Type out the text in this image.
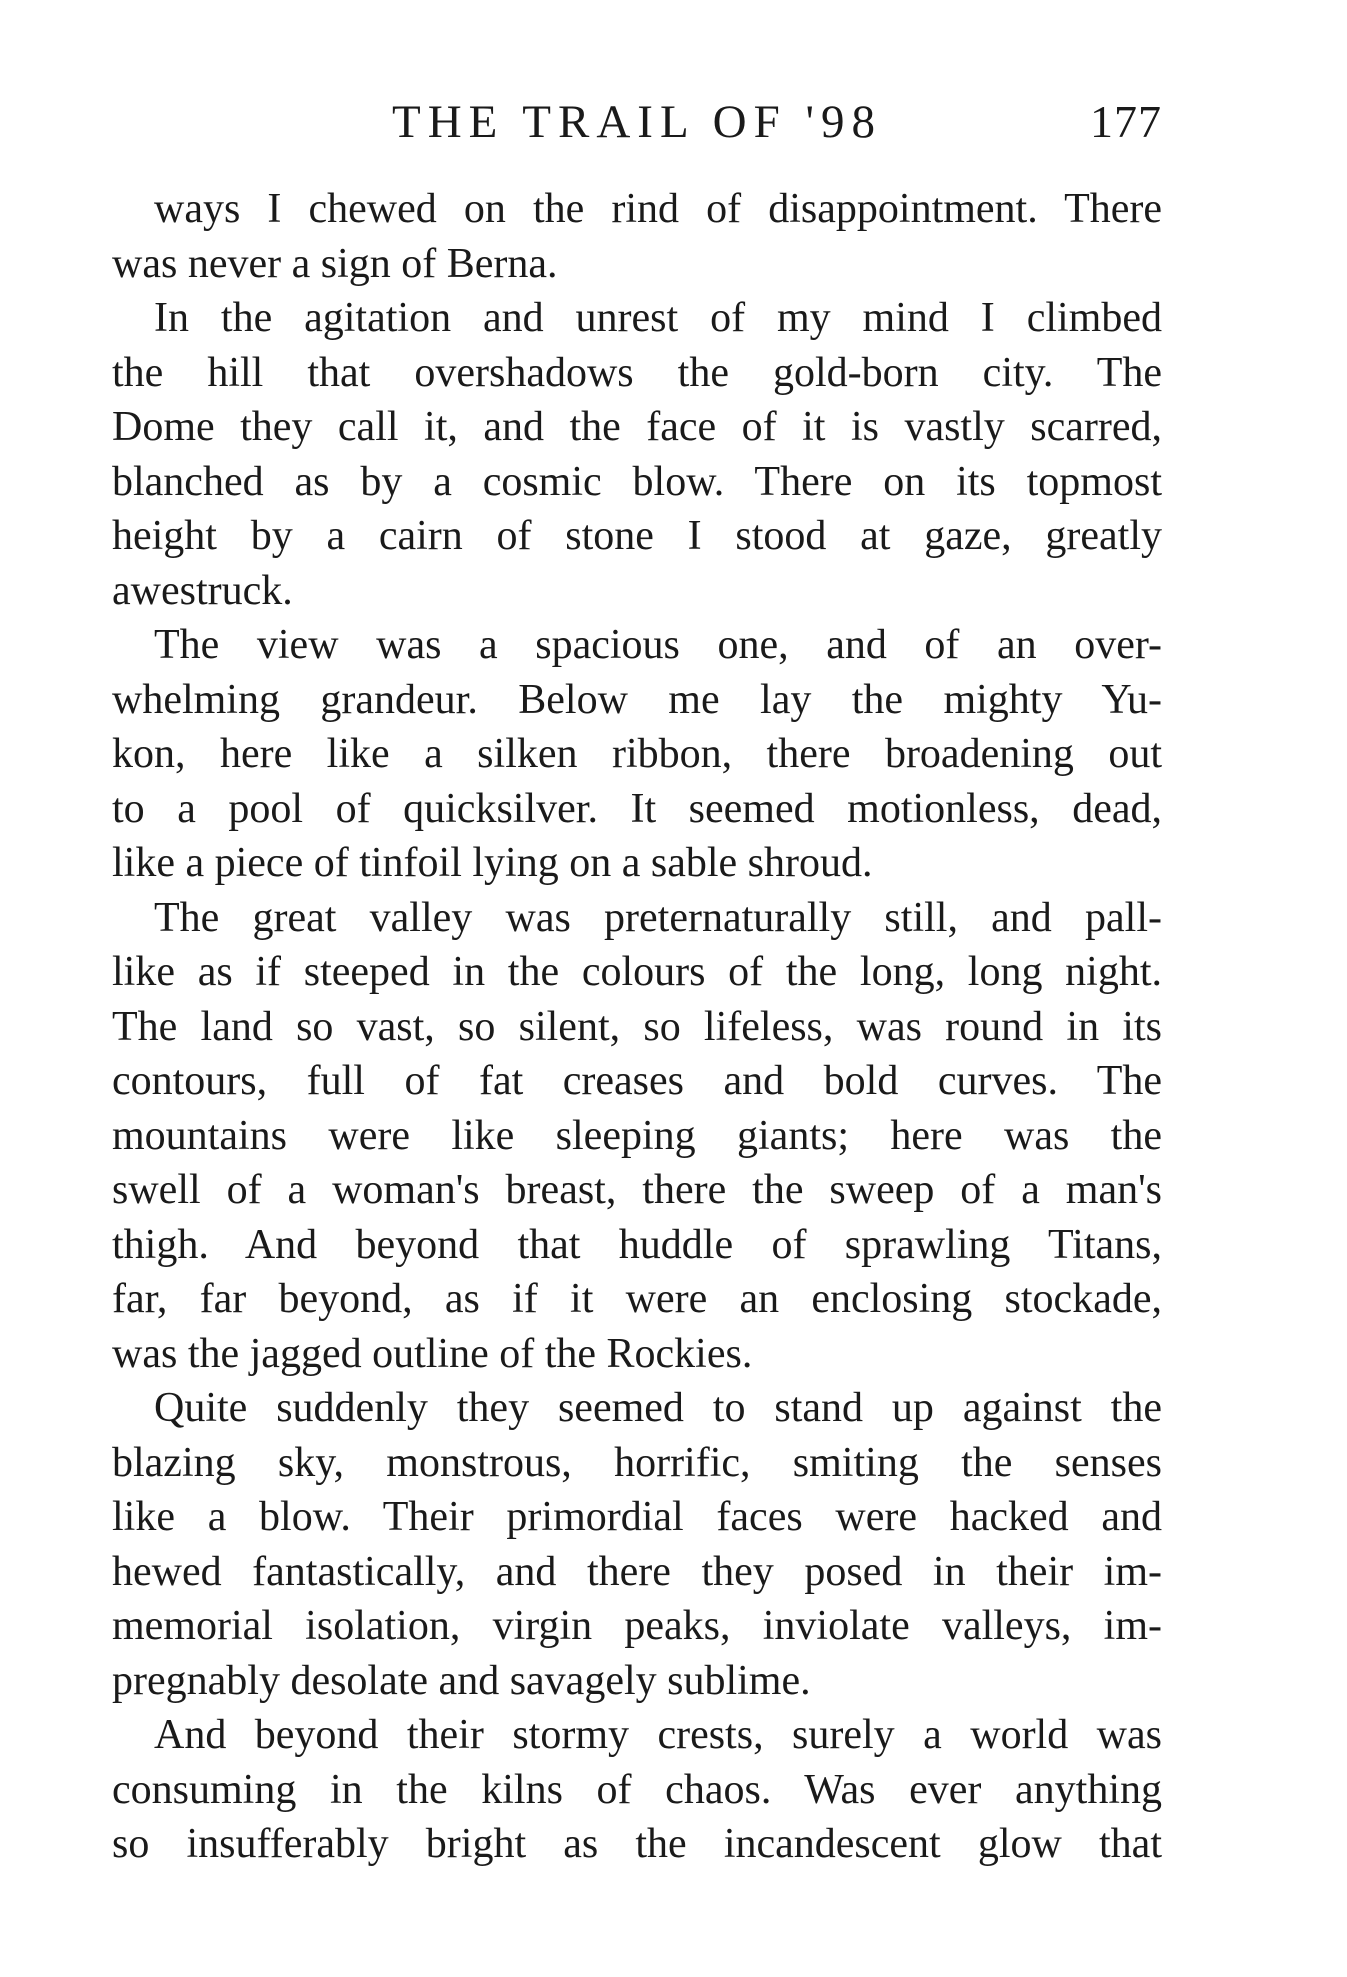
THE TRAIL OF '98	177
ways I chewed on the rind of disappointment. There
was never a sign of Berna.
In the agitation and unrest of my mind I climbed
the hill that overshadows the gold-born city. The
Dome they call it, and the face of it is vastly scarred,
blanched as by a cosmic blow. There on its topmost
height by a cairn of stone I stood at gaze, greatly
awestruck.
The view was a spacious one, and of an over-
whelming grandeur. Below me lay the mighty Yu-
kon, here like a silken ribbon, there broadening out
to a pool of quicksilver. It seemed motionless, dead,
like a piece of tinfoil lying on a sable shroud.
The great valley was preternaturally still, and pall-
like as if steeped in the colours of the long, long night.
The land so vast, so silent, so lifeless, was round in its
contours, full of fat creases and bold curves. The
mountains were like sleeping giants; here was the
swell of a woman's breast, there the sweep of a man's
thigh. And beyond that huddle of sprawling Titans,
far, far beyond, as if it were an enclosing stockade,
was the jagged outline of the Rockies.
Quite suddenly they seemed to stand up against the
blazing sky, monstrous, horrific, smiting the senses
like a blow. Their primordial faces were hacked and
hewed fantastically, and there they posed in their im-
memorial isolation, virgin peaks, inviolate valleys, im-
pregnably desolate and savagely sublime.
And beyond their stormy crests, surely a world was
consuming in the kilns of chaos. Was ever anything
so insufferably bright as the incandescent glow that
